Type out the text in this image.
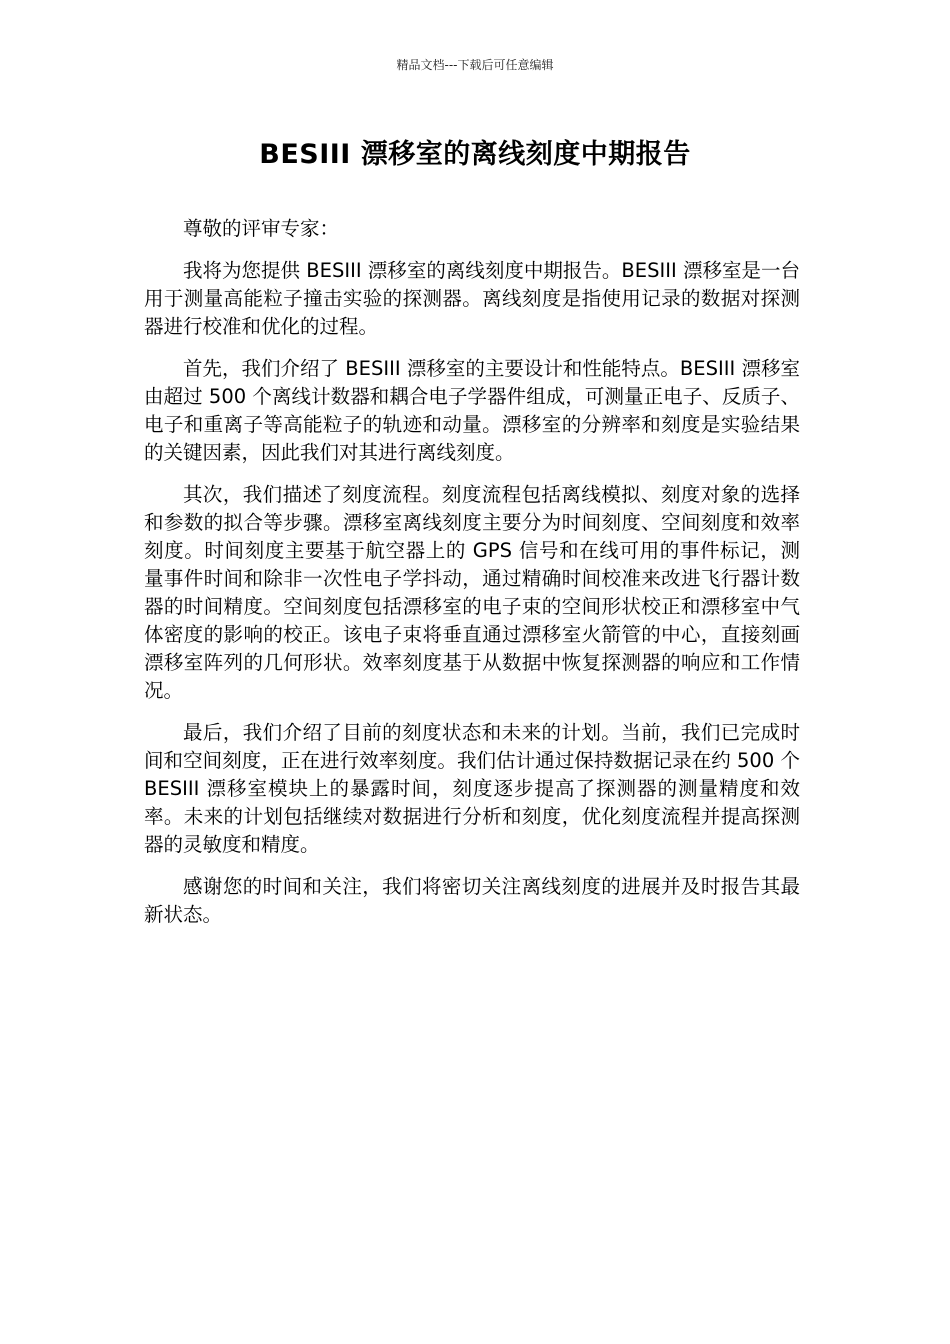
精品文档---下载后可任意编辑
BESIII 漂移室的离线刻度中期报告

尊敬的评审专家：

我将为您提供 BESIII 漂移室的离线刻度中期报告。BESIII 漂移室是一台用于测量高能粒子撞击实验的探测器。离线刻度是指使用记录的数据对探测器进行校准和优化的过程。

首先，我们介绍了 BESIII 漂移室的主要设计和性能特点。BESIII 漂移室由超过 500 个离线计数器和耦合电子学器件组成，可测量正电子、反质子、电子和重离子等高能粒子的轨迹和动量。漂移室的分辨率和刻度是实验结果的关键因素，因此我们对其进行离线刻度。

其次，我们描述了刻度流程。刻度流程包括离线模拟、刻度对象的选择和参数的拟合等步骤。漂移室离线刻度主要分为时间刻度、空间刻度和效率刻度。时间刻度主要基于航空器上的 GPS 信号和在线可用的事件标记，测量事件时间和除非一次性电子学抖动，通过精确时间校准来改进飞行器计数器的时间精度。空间刻度包括漂移室的电子束的空间形状校正和漂移室中气体密度的影响的校正。该电子束将垂直通过漂移室火箭管的中心，直接刻画漂移室阵列的几何形状。效率刻度基于从数据中恢复探测器的响应和工作情况。

最后，我们介绍了目前的刻度状态和未来的计划。当前，我们已完成时间和空间刻度，正在进行效率刻度。我们估计通过保持数据记录在约 500 个 BESIII 漂移室模块上的暴露时间，刻度逐步提高了探测器的测量精度和效率。未来的计划包括继续对数据进行分析和刻度，优化刻度流程并提高探测器的灵敏度和精度。

感谢您的时间和关注，我们将密切关注离线刻度的进展并及时报告其最新状态。
